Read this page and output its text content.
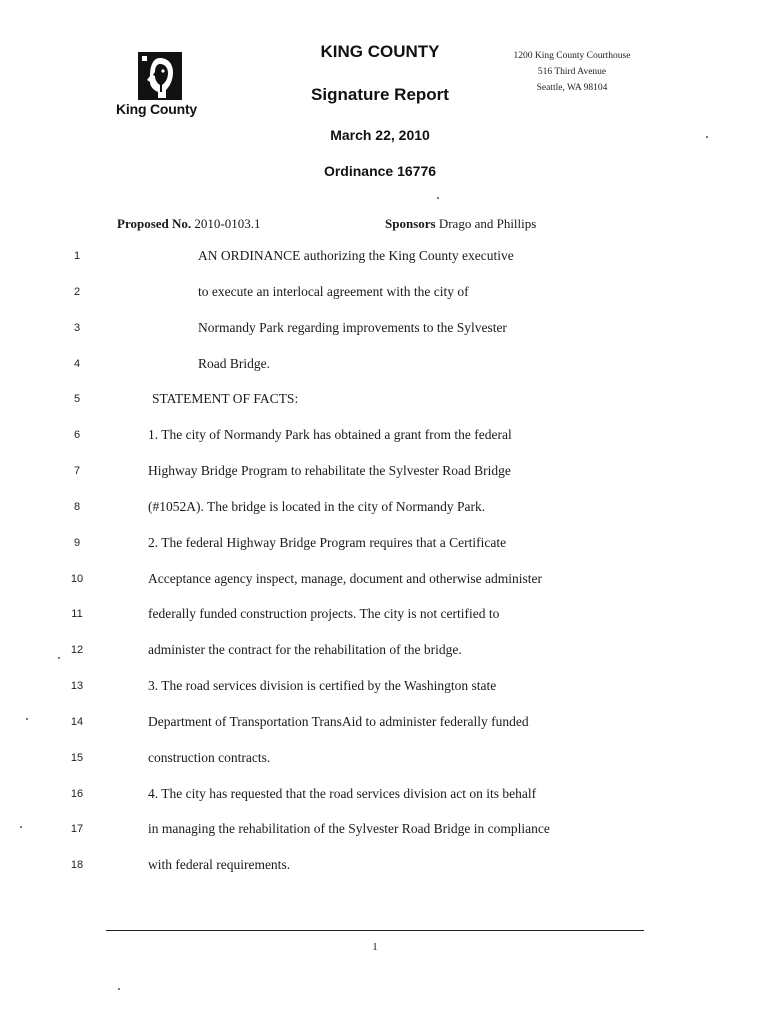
King County
KING COUNTY
Signature Report
March 22, 2010
Ordinance 16776
1200 King County Courthouse
516 Third Avenue
Seattle, WA 98104
Proposed No. 2010-0103.1	Sponsors Drago and Phillips
1	AN ORDINANCE authorizing the King County executive
2	to execute an interlocal agreement with the city of
3	Normandy Park regarding improvements to the Sylvester
4	Road Bridge.
5	STATEMENT OF FACTS:
6	1. The city of Normandy Park has obtained a grant from the federal
7	Highway Bridge Program to rehabilitate the Sylvester Road Bridge
8	(#1052A). The bridge is located in the city of Normandy Park.
9	2. The federal Highway Bridge Program requires that a Certificate
10	Acceptance agency inspect, manage, document and otherwise administer
11	federally funded construction projects. The city is not certified to
12	administer the contract for the rehabilitation of the bridge.
13	3. The road services division is certified by the Washington state
14	Department of Transportation TransAid to administer federally funded
15	construction contracts.
16	4. The city has requested that the road services division act on its behalf
17	in managing the rehabilitation of the Sylvester Road Bridge in compliance
18	with federal requirements.
1
